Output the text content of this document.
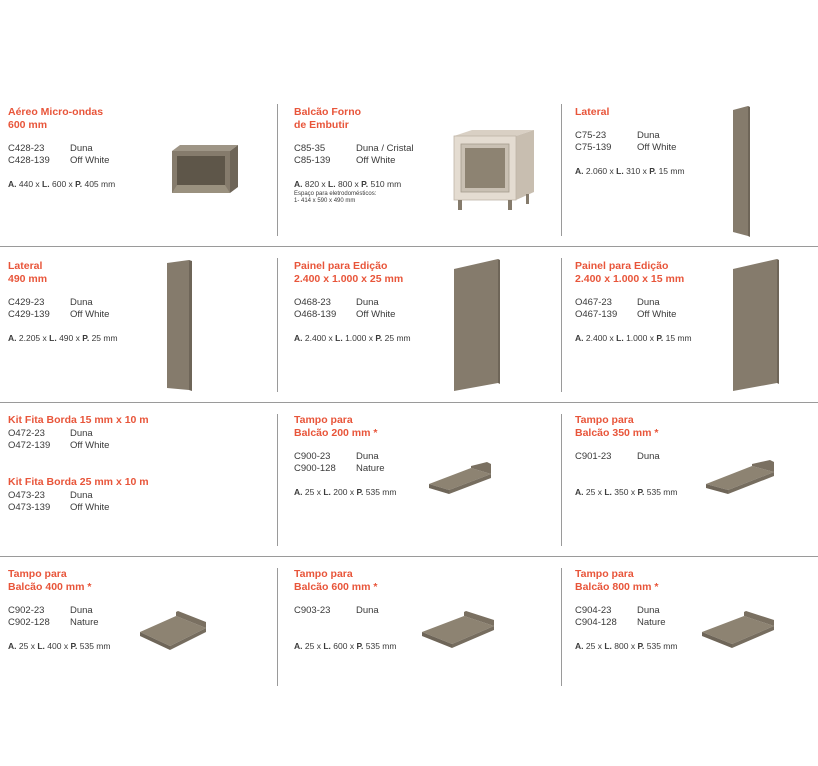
Aéreo Micro-ondas
600 mm

C428-23	Duna
C428-139	Off White
A. 440 x L. 600 x P. 405 mm

Balcão Forno
de Embutir

C85-35	Duna / Cristal
C85-139	Off White
A. 820 x L. 800 x P. 510 mm
Espaço para eletrodomésticos:
1- 414 x 590 x 490 mm

Lateral

C75-23	Duna
C75-139	Off White
A. 2.060 x L. 310 x P. 15 mm

Lateral
490 mm

C429-23	Duna
C429-139	Off White
A. 2.205 x L. 490 x P. 25 mm

Painel para Edição
2.400 x 1.000 x 25 mm

O468-23	Duna
O468-139	Off White
A. 2.400 x L. 1.000 x P. 25 mm

Painel para Edição
2.400 x 1.000 x 15 mm

O467-23	Duna
O467-139	Off White
A. 2.400 x L. 1.000 x P. 15 mm

Kit Fita Borda 15 mm x 10 m

O472-23	Duna
O472-139	Off White

Kit Fita Borda 25 mm x 10 m

O473-23	Duna
O473-139	Off White

Tampo para
Balcão 200 mm *

C900-23	Duna
C900-128	Nature
A. 25 x L. 200 x P. 535 mm

Tampo para
Balcão 350 mm *

C901-23	Duna
A. 25 x L. 350 x P. 535 mm

Tampo para
Balcão 400 mm *

C902-23	Duna
C902-128	Nature
A. 25 x L. 400 x P. 535 mm

Tampo para
Balcão 600 mm *

C903-23	Duna
A. 25 x L. 600 x P. 535 mm

Tampo para
Balcão 800 mm *

C904-23	Duna
C904-128	Nature
A. 25 x L. 800 x P. 535 mm
